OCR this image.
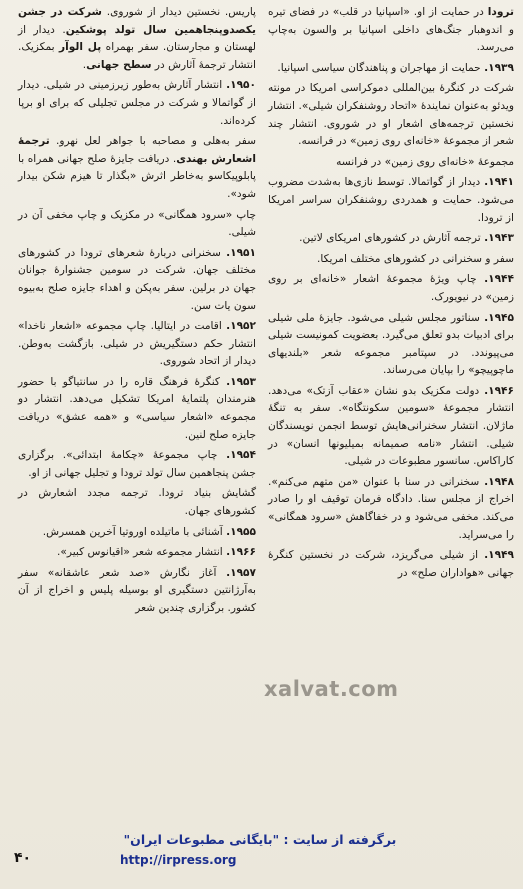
ترودا در حمایت از او. «اسپانیا در قلب» در فضای تیره و اندوهبار جنگ‌های داخلی اسپانیا بر والسون به‌چاپ می‌رسد.

۱۹۳۹. حمایت از مهاجران و پناهندگان سیاسی اسپانیا.

شرکت در کنگرهٔ بین‌المللی دموکراسی امریکا در مونته ویدئو به‌عنوان نمایندهٔ «اتحاد روشنفکران شیلی». انتشار نخستین ترجمه‌های اشعار او در شوروی. انتشار چند شعر از مجموعهٔ «خانه‌ای روی زمین» در فرانسه.

مجموعهٔ «خانه‌ای روی زمین» در فرانسه

۱۹۴۱. دیدار از گواتمالا. توسط نازی‌ها به‌شدت مضروب می‌شود. حمایت و همدردی روشنفکران سراسر امریکا از ترودا.

۱۹۴۳. ترجمه آثارش در کشورهای امریکای لاتین.

سفر و سخنرانی در کشورهای مختلف امریکا.

۱۹۴۴. چاپ ویژهٔ مجموعهٔ اشعار «خانه‌ای بر روی زمین» در نیویورک.

۱۹۴۵. سناتور مجلس شیلی می‌شود. جایزهٔ ملی شیلی برای ادبیات بدو تعلق می‌گیرد. بعضویت کمونیست شیلی می‌پیوندد. در سپتامبر مجموعه شعر «بلندیهای ماچوپیچو» را بپایان می‌رساند.

۱۹۴۶. دولت مکزیک بدو نشان «عقاب آزتک» می‌دهد. انتشار مجموعهٔ «سومین سکونتگاه». سفر به تنگهٔ ماژلان. انتشار سخنرانی‌هایش توسط انجمن نویسندگان شیلی. انتشار «نامه صمیمانه بمیلیونها انسان» در کاراکاس. سانسور مطبوعات در شیلی.

۱۹۴۸. سخنرانی در سنا با عنوان «من متهم می‌کنم». اخراج از مجلس سنا. دادگاه فرمان توقیف او را صادر می‌کند. مخفی می‌شود و در خفاگاهش «سرود همگانی» را می‌سراید.

۱۹۴۹. از شیلی می‌گریزد، شرکت در نخستین کنگرهٔ جهانی «هواداران صلح» در

پاریس. نخستین دیدار از شوروی. شرکت در جشن یکصدوپنجاهمین سال تولد پوشکین. دیدار از لهستان و مجارستان. سفر بهمراه پل الوآر بمکزیک. انتشار ترجمهٔ آثارش در سطح جهانی.

۱۹۵۰. انتشار آثارش به‌طور زیرزمینی در شیلی. دیدار از گواتمالا و شرکت در مجلس تجلیلی که برای او برپا کرده‌اند.

سفر به‌هلی و مصاحبه با جواهر لعل نهرو. ترجمهٔ اشعارش بهندی. دریافت جایزهٔ صلح جهانی همراه با پابلوپیکاسو به‌خاطر اثرش «بگذار تا هیزم شکن بیدار شود».

چاپ «سرود همگانی» در مکزیک و چاپ مخفی آن در شیلی.

۱۹۵۱. سخنرانی دربارهٔ شعرهای ترودا در کشورهای مختلف جهان. شرکت در سومین جشنوارهٔ جوانان جهان در برلین. سفر به‌پکن و اهداء جایزه صلح به‌بیوه سون یات سن.

۱۹۵۲. اقامت در ایتالیا. چاپ مجموعه «اشعار ناخدا» انتشار حکم دستگیریش در شیلی. بازگشت به‌وطن. دیدار از اتحاد شوروی.

۱۹۵۳. کنگرهٔ فرهنگ قاره را در سانتیاگو با حضور هنرمندان پلتمایهٔ امریکا تشکیل می‌دهد. انتشار دو مجموعه «اشعار سیاسی» و «همه عشق» دریافت جایزه صلح لنین.

۱۹۵۴. چاپ مجموعهٔ «چکامهٔ ابتدائی». برگزاری جشن پنجاهمین سال تولد ترودا و تجلیل جهانی از او.

گشایش بنیاد ترودا. ترجمه مجدد اشعارش در کشورهای جهان.

۱۹۵۵. آشنائی با ماتیلده اوروتیا آخرین همسرش.

۱۹۶۶. انتشار مجموعه شعر «اقیانوس کبیر».

۱۹۵۷. آغاز نگارش «صد شعر عاشقانه» سفر به‌آرژانتین دستگیری او بوسیله پلیس و اخراج از آن کشور. برگزاری چندین شعر

xalvat.com
برگرفته از سایت : "بایگانی مطبوعات ایران"
http://irpress.org
۴۰
